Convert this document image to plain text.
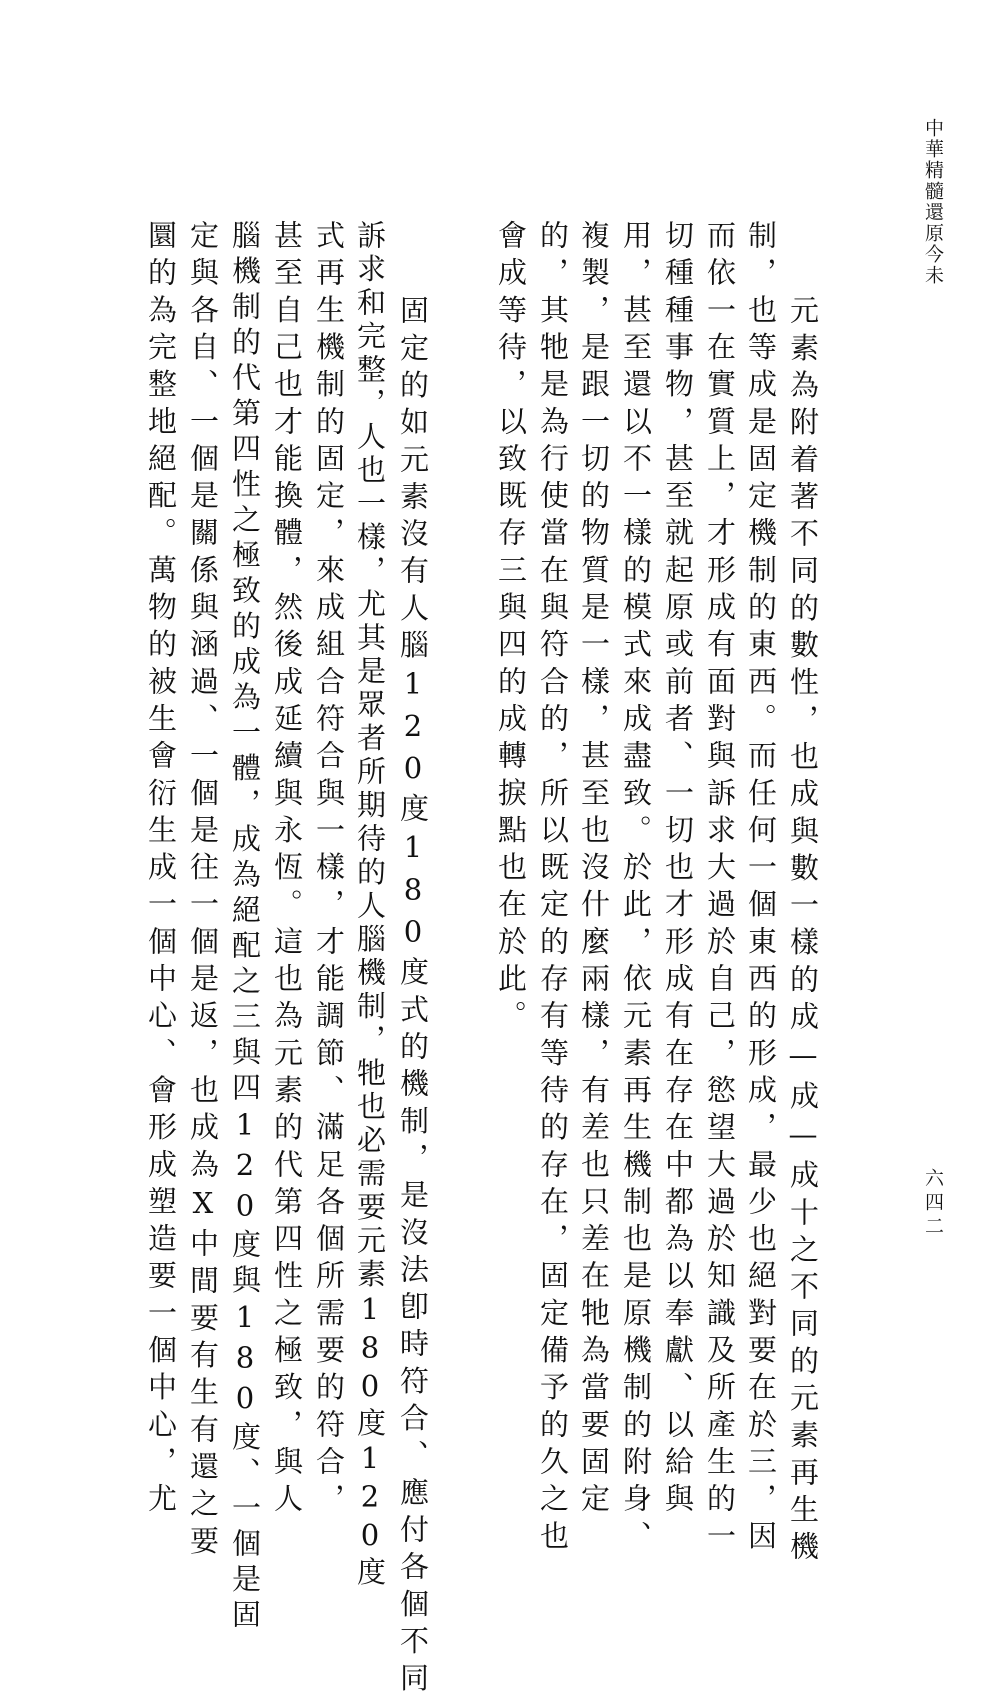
中華精髓還原今未
六四二
　元素為附着著不同的數性，也成與數一樣的成—成—成十之不同的元素再生機
制，也等成是固定機制的東西。而任何一個東西的形成，最少也絕對要在於三，因
而依一在實質上，才形成有面對與訴求大過於自己，慾望大過於知識及所產生的一
切種種事物，甚至就起原或前者、一切也才形成有在存在中都為以奉獻、以給與
用，甚至還以不一樣的模式來成盡致。於此，依元素再生機制也是原機制的附身、
複製，是跟一切的物質是一樣，甚至也沒什麼兩樣，有差也只差在牠為當要固定
的，其牠是為行使當在與符合的，所以既定的存有等待的存在，固定備予的久之也
會成等待，以致既存三與四的成轉捩點也在於此。
　固定的如元素沒有人腦120度180度式的機制，是沒法卽時符合、應付各個不同
訴求和完整，人也一樣，尤其是眾者所期待的人腦機制，牠也必需要元素180度120度
式再生機制的固定，來成組合符合與一樣，才能調節、滿足各個所需要的符合，
甚至自己也才能換體，然後成延續與永恆。這也為元素的代第四性之極致，與人
腦機制的代第四性之極致的成為一體，成為絕配之三與四120度與180度、一個是固
定與各自、一個是關係與涵過、一個是往一個是返，也成為X中間要有生有還之要
圜的為完整地絕配。萬物的被生會衍生成一個中心、會形成塑造要一個中心，尤
